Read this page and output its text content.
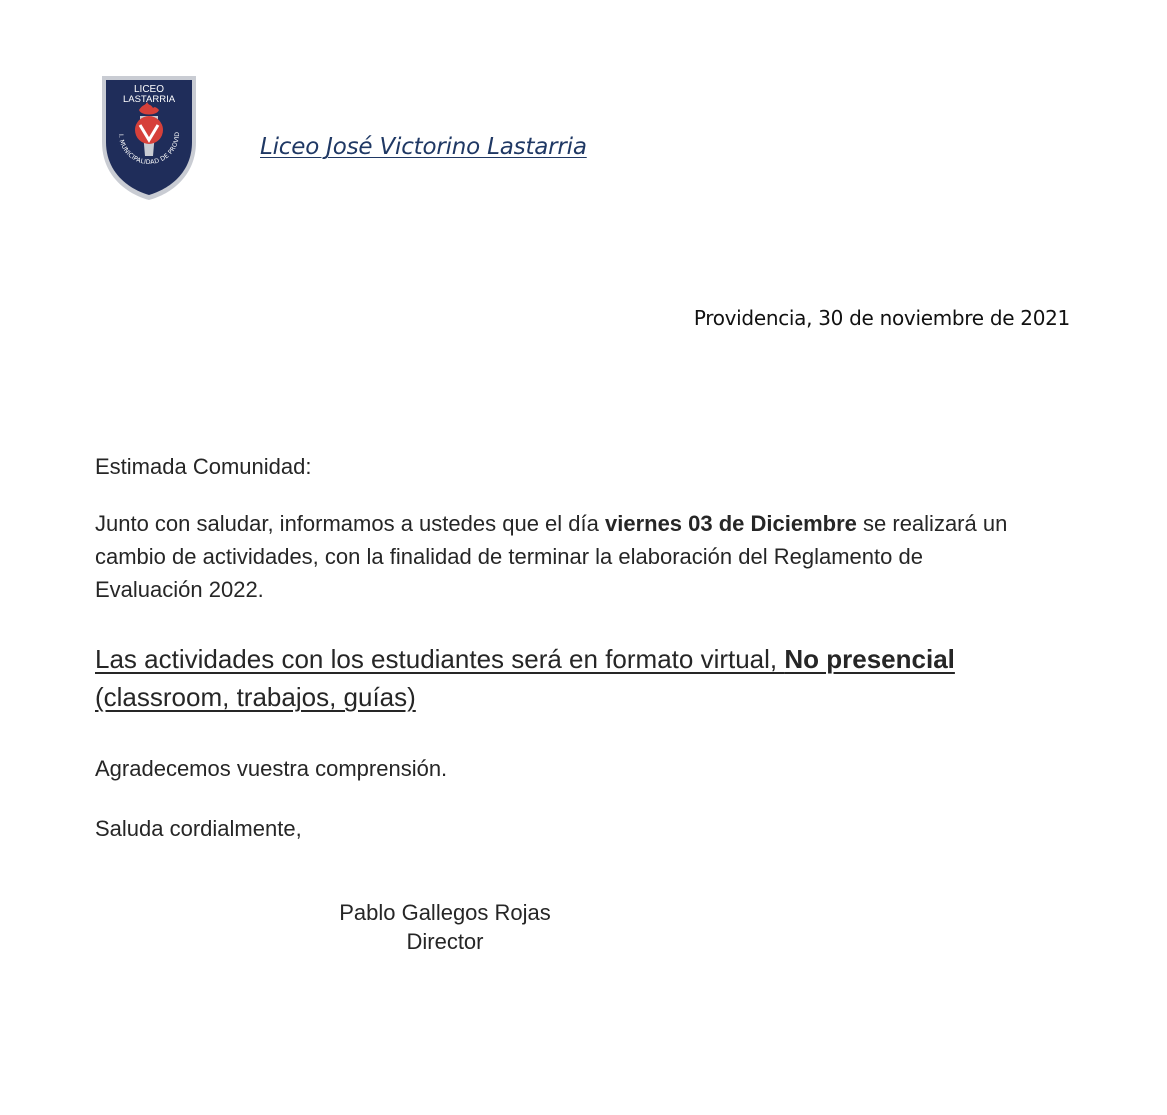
LICEO
LASTARRIA
I. MUNICIPALIDAD DE PROVID	Liceo José Victorino Lastarria
Providencia, 30 de noviembre de 2021
Estimada Comunidad:
Junto con saludar, informamos a ustedes que el día viernes 03 de Diciembre se realizará un cambio de actividades, con la finalidad de terminar la elaboración del Reglamento de Evaluación 2022.
Las actividades con los estudiantes será en formato virtual, No presencial
(classroom, trabajos, guías)
Agradecemos vuestra comprensión.
Saluda cordialmente,
Pablo Gallegos Rojas
Director
